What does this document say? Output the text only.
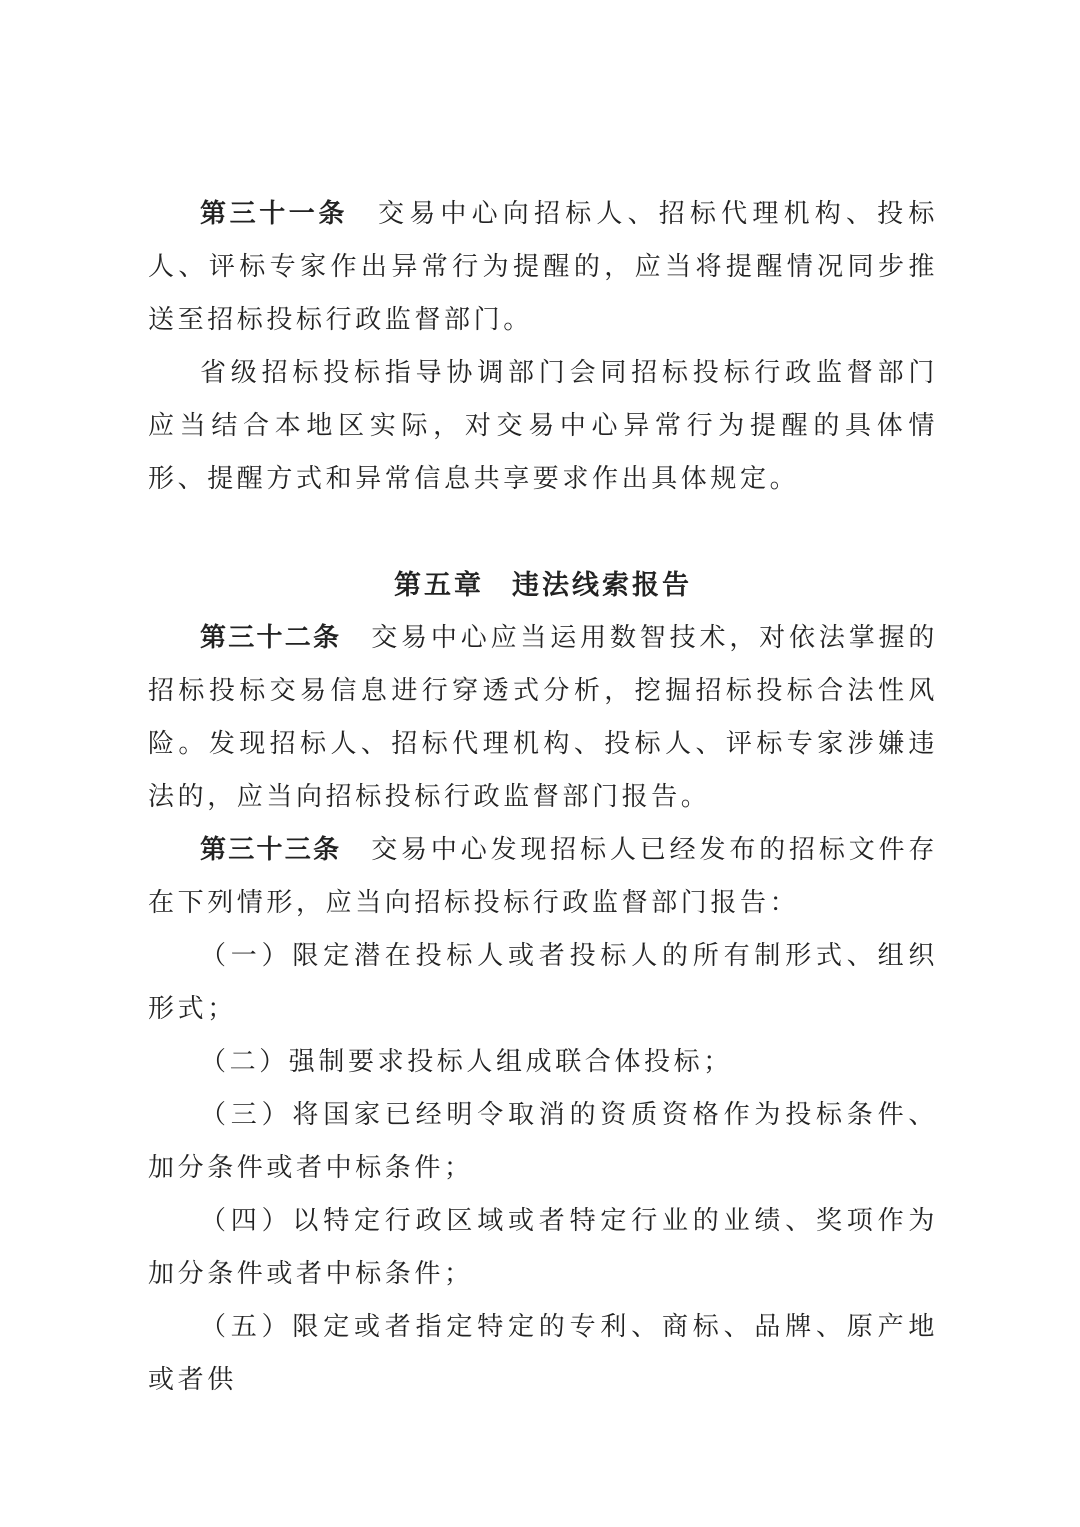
第三十一条 交易中心向招标人、招标代理机构、投标人、评标专家作出异常行为提醒的，应当将提醒情况同步推送至招标投标行政监督部门。

省级招标投标指导协调部门会同招标投标行政监督部门应当结合本地区实际，对交易中心异常行为提醒的具体情形、提醒方式和异常信息共享要求作出具体规定。

第五章 违法线索报告

第三十二条 交易中心应当运用数智技术，对依法掌握的招标投标交易信息进行穿透式分析，挖掘招标投标合法性风险。发现招标人、招标代理机构、投标人、评标专家涉嫌违法的，应当向招标投标行政监督部门报告。

第三十三条 交易中心发现招标人已经发布的招标文件存在下列情形，应当向招标投标行政监督部门报告：

（一）限定潜在投标人或者投标人的所有制形式、组织形式；

（二）强制要求投标人组成联合体投标；

（三）将国家已经明令取消的资质资格作为投标条件、加分条件或者中标条件；

（四）以特定行政区域或者特定行业的业绩、奖项作为加分条件或者中标条件；

（五）限定或者指定特定的专利、商标、品牌、原产地或者供
